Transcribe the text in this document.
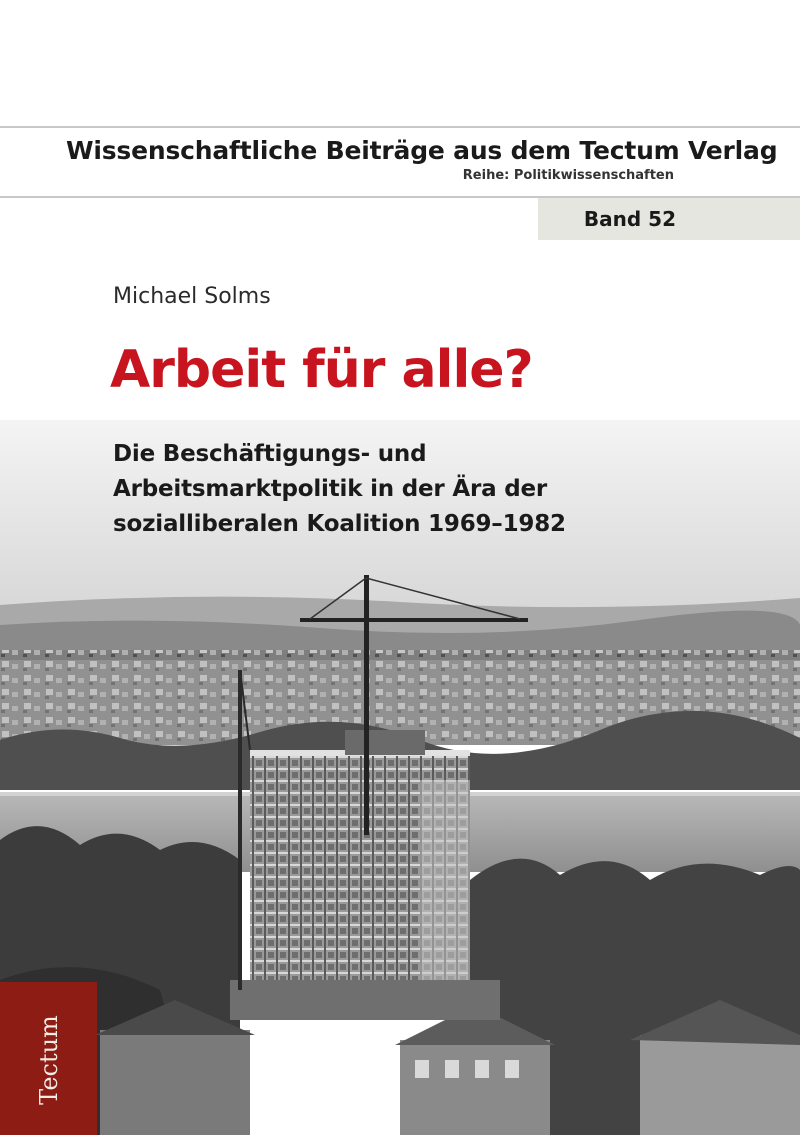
Wissenschaftliche Beiträge aus dem Tectum Verlag
Reihe: Politikwissenschaften
Band 52
Michael Solms
Arbeit für alle?
Die Beschäftigungs- und
Arbeitsmarktpolitik in der Ära der
sozialliberalen Koalition 1969–1982
Tectum
